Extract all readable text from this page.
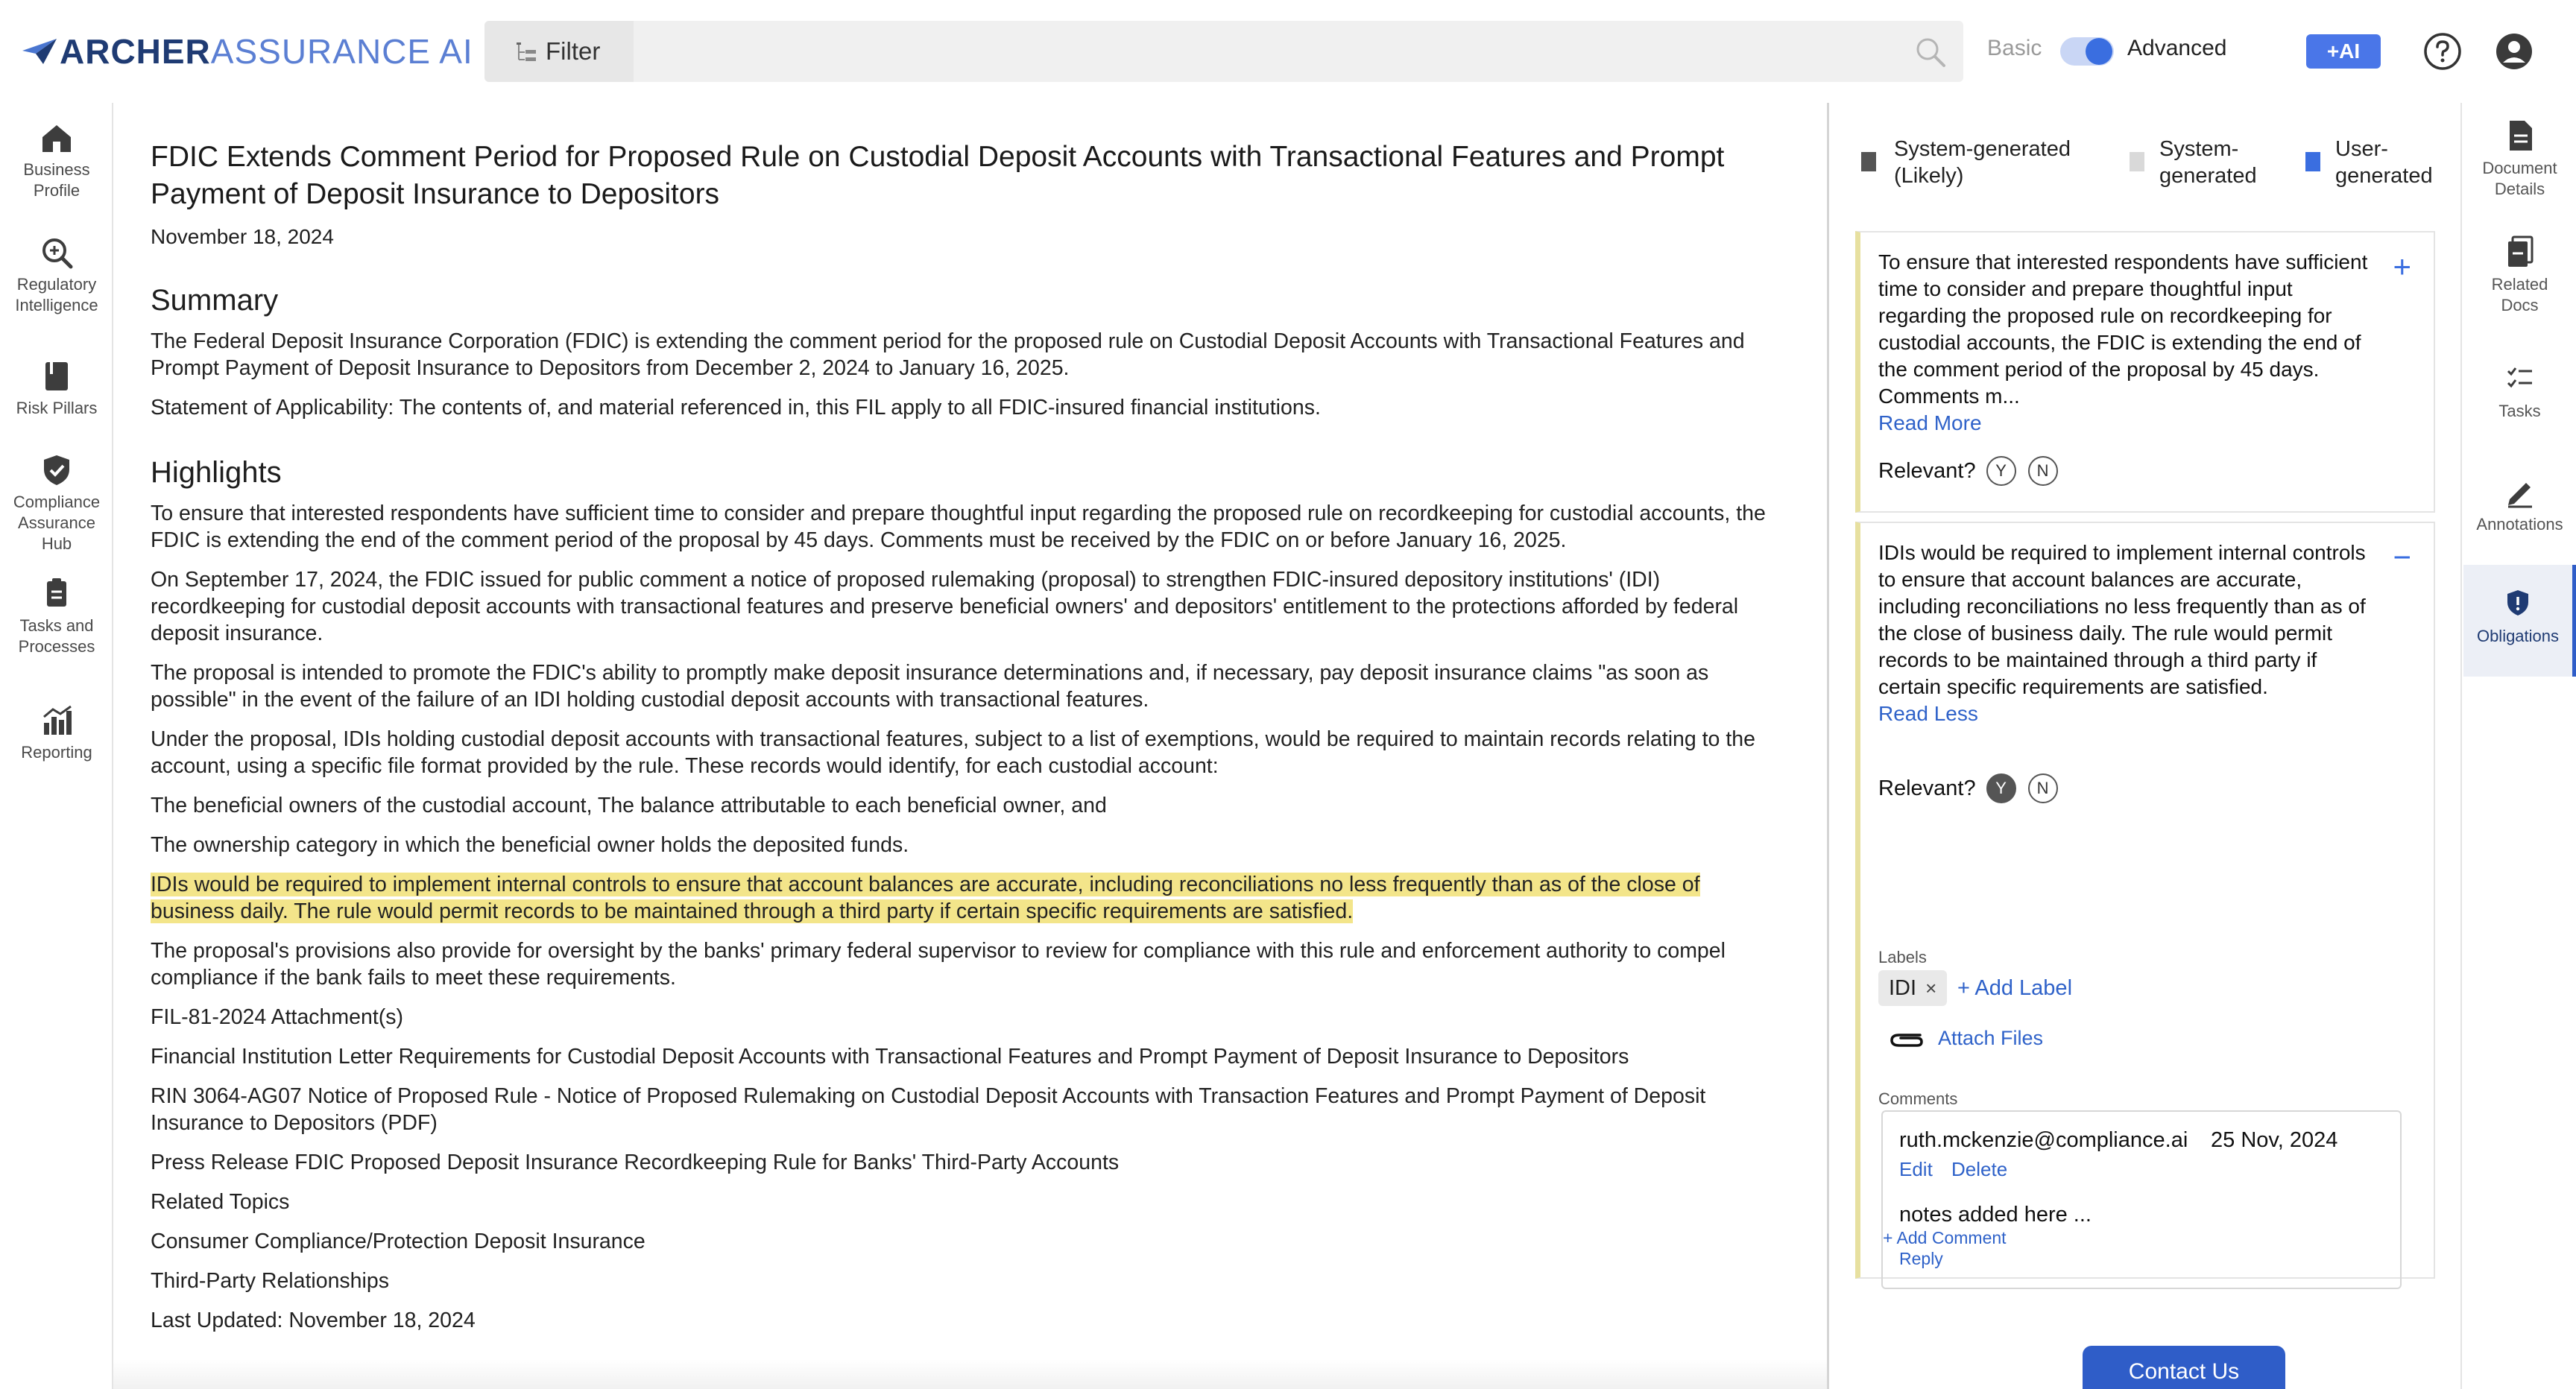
ARCHERASSURANCE AI	Filter	Basic	Advanced	+AI
Business
Profile
Regulatory
Intelligence
Risk Pillars
Compliance
Assurance
Hub
Tasks and
Processes
Reporting
FDIC Extends Comment Period for Proposed Rule on Custodial Deposit Accounts with Transactional Features and Prompt Payment of Deposit Insurance to Depositors
November 18, 2024
Summary

The Federal Deposit Insurance Corporation (FDIC) is extending the comment period for the proposed rule on Custodial Deposit Accounts with Transactional Features and Prompt Payment of Deposit Insurance to Depositors from December 2, 2024 to January 16, 2025.

Statement of Applicability: The contents of, and material referenced in, this FIL apply to all FDIC-insured financial institutions.

Highlights

To ensure that interested respondents have sufficient time to consider and prepare thoughtful input regarding the proposed rule on recordkeeping for custodial accounts, the FDIC is extending the end of the comment period of the proposal by 45 days. Comments must be received by the FDIC on or before January 16, 2025.

On September 17, 2024, the FDIC issued for public comment a notice of proposed rulemaking (proposal) to strengthen FDIC-insured depository institutions' (IDI) recordkeeping for custodial deposit accounts with transactional features and preserve beneficial owners' and depositors' entitlement to the protections afforded by federal deposit insurance.

The proposal is intended to promote the FDIC's ability to promptly make deposit insurance determinations and, if necessary, pay deposit insurance claims "as soon as possible" in the event of the failure of an IDI holding custodial deposit accounts with transactional features.

Under the proposal, IDIs holding custodial deposit accounts with transactional features, subject to a list of exemptions, would be required to maintain records relating to the account, using a specific file format provided by the rule. These records would identify, for each custodial account:

The beneficial owners of the custodial account, The balance attributable to each beneficial owner, and

The ownership category in which the beneficial owner holds the deposited funds.

IDIs would be required to implement internal controls to ensure that account balances are accurate, including reconciliations no less frequently than as of the close of business daily. The rule would permit records to be maintained through a third party if certain specific requirements are satisfied.

The proposal's provisions also provide for oversight by the banks' primary federal supervisor to review for compliance with this rule and enforcement authority to compel compliance if the bank fails to meet these requirements.

FIL-81-2024 Attachment(s)

Financial Institution Letter Requirements for Custodial Deposit Accounts with Transactional Features and Prompt Payment of Deposit Insurance to Depositors

RIN 3064-AG07 Notice of Proposed Rule - Notice of Proposed Rulemaking on Custodial Deposit Accounts with Transaction Features and Prompt Payment of Deposit Insurance to Depositors (PDF)

Press Release FDIC Proposed Deposit Insurance Recordkeeping Rule for Banks' Third-Party Accounts

Related Topics

Consumer Compliance/Protection Deposit Insurance

Third-Party Relationships

Last Updated: November 18, 2024

System-generated
(Likely)
System-
generated
User-
generated
To ensure that interested respondents have sufficient time to consider and prepare thoughtful input regarding the proposed rule on recordkeeping for custodial accounts, the FDIC is extending the end of the comment period of the proposal by 45 days. Comments m...
Read More
+
Relevant?	Y	N
IDIs would be required to implement internal controls to ensure that account balances are accurate, including reconciliations no less frequently than as of the close of business daily. The rule would permit records to be maintained through a third party if certain specific requirements are satisfied.
Read Less
−
Relevant?	Y	N
Labels
IDI × + Add Label
Attach Files
Comments
ruth.mckenzie@compliance.ai 25 Nov, 2024
Edit Delete
notes added here ...
Reply
+ Add Comment
Contact Us
Document
Details
Related
Docs
Tasks
Annotations
Obligations
